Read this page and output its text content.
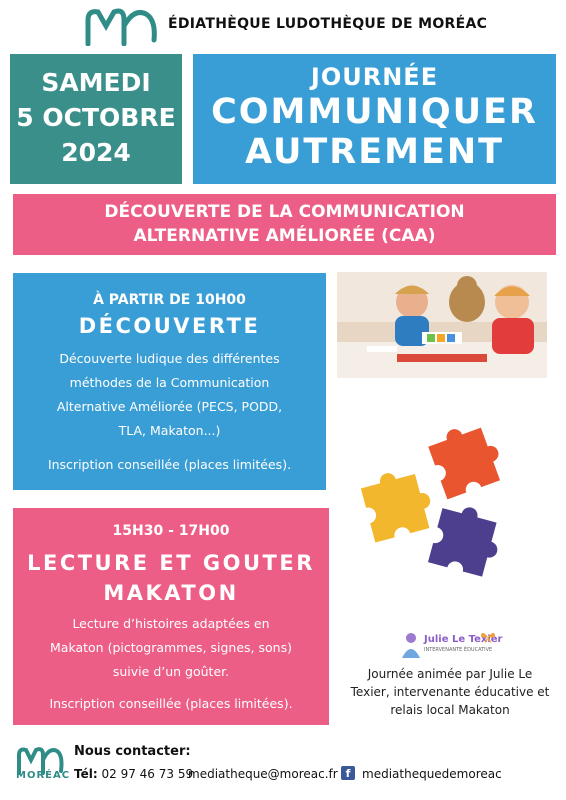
ÉDIATHÈQUE LUDOTHÈQUE DE MORÉAC
SAMEDI
5 OCTOBRE
2024
JOURNÉE
COMMUNIQUER
AUTREMENT
DÉCOUVERTE DE LA COMMUNICATION
ALTERNATIVE AMÉLIORÉE (CAA)
À PARTIR DE 10H00
DÉCOUVERTE
Découverte ludique des différentes
méthodes de la Communication
Alternative Améliorée (PECS, PODD,
TLA, Makaton...)
Inscription conseillée (places limitées).
15H30 - 17H00
LECTURE ET GOUTER
MAKATON
Lecture d’histoires adaptées en
Makaton (pictogrammes, signes, sons)
suivie d’un goûter.
Inscription conseillée (places limitées).
Julie Le Texier
INTERVENANTE ÉDUCATIVE
Journée animée par Julie Le
Texier, intervenante éducative et
relais local Makaton
MORÉAC
Nous contacter:
Tél: 02 97 46 73 59
mediatheque@moreac.fr f mediathequedemoreac
